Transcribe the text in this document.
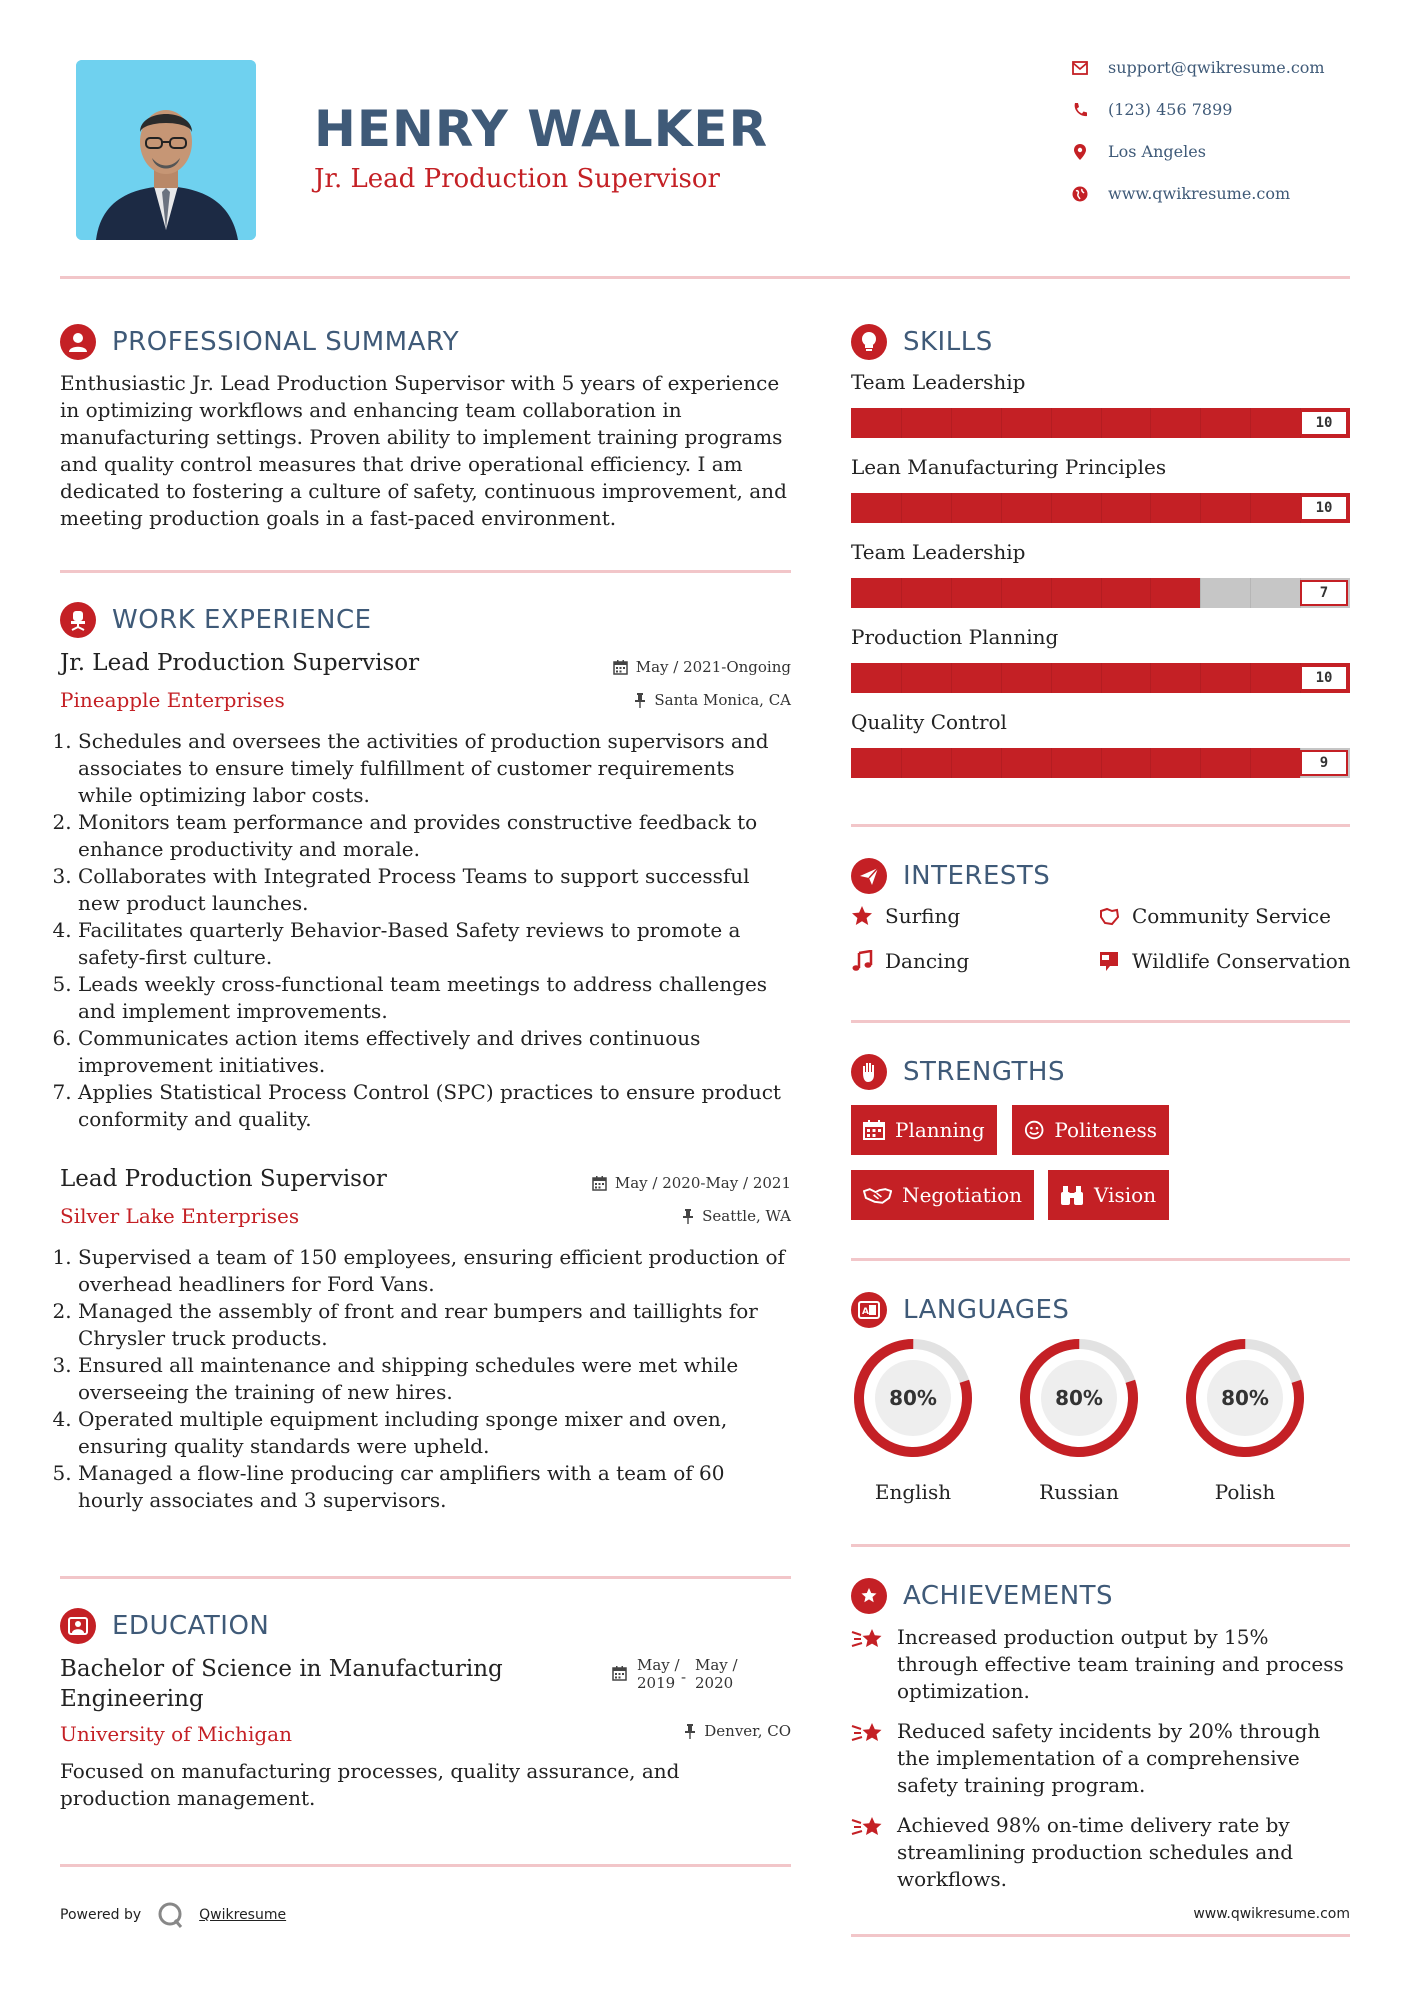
HENRY WALKER
Jr. Lead Production Supervisor
support@qwikresume.com
(123) 456 7899
Los Angeles
www.qwikresume.com
PROFESSIONAL SUMMARY
Enthusiastic Jr. Lead Production Supervisor with 5 years of experience in optimizing workflows and enhancing team collaboration in manufacturing settings. Proven ability to implement training programs and quality control measures that drive operational efficiency. I am dedicated to fostering a culture of safety, continuous improvement, and meeting production goals in a fast-paced environment.
WORK EXPERIENCE
Jr. Lead Production Supervisor
Pineapple Enterprises
May / 2021-Ongoing
Santa Monica, CA
1. Schedules and oversees the activities of production supervisors and associates to ensure timely fulfillment of customer requirements while optimizing labor costs.
2. Monitors team performance and provides constructive feedback to enhance productivity and morale.
3. Collaborates with Integrated Process Teams to support successful new product launches.
4. Facilitates quarterly Behavior-Based Safety reviews to promote a safety-first culture.
5. Leads weekly cross-functional team meetings to address challenges and implement improvements.
6. Communicates action items effectively and drives continuous improvement initiatives.
7. Applies Statistical Process Control (SPC) practices to ensure product conformity and quality.
Lead Production Supervisor
Silver Lake Enterprises
May / 2020-May / 2021
Seattle, WA
1. Supervised a team of 150 employees, ensuring efficient production of overhead headliners for Ford Vans.
2. Managed the assembly of front and rear bumpers and taillights for Chrysler truck products.
3. Ensured all maintenance and shipping schedules were met while overseeing the training of new hires.
4. Operated multiple equipment including sponge mixer and oven, ensuring quality standards were upheld.
5. Managed a flow-line producing car amplifiers with a team of 60 hourly associates and 3 supervisors.
EDUCATION
Bachelor of Science in Manufacturing Engineering
University of Michigan
May /
2019 -
May /
2020
Denver, CO
Focused on manufacturing processes, quality assurance, and production management.
SKILLS
Team Leadership
10
Lean Manufacturing Principles
10
Team Leadership
7
Production Planning
10
Quality Control
9
INTERESTS
Surfing	Community Service
Dancing	Wildlife Conservation
STRENGTHS
Planning	Politeness
Negotiation	Vision
A LANGUAGES
80%
English
80%
Russian
80%
Polish
ACHIEVEMENTS
Increased production output by 15% through effective team training and process optimization.
Reduced safety incidents by 20% through the implementation of a comprehensive safety training program.
Achieved 98% on-time delivery rate by streamlining production schedules and workflows.
Powered by	Qwikresume	www.qwikresume.com
